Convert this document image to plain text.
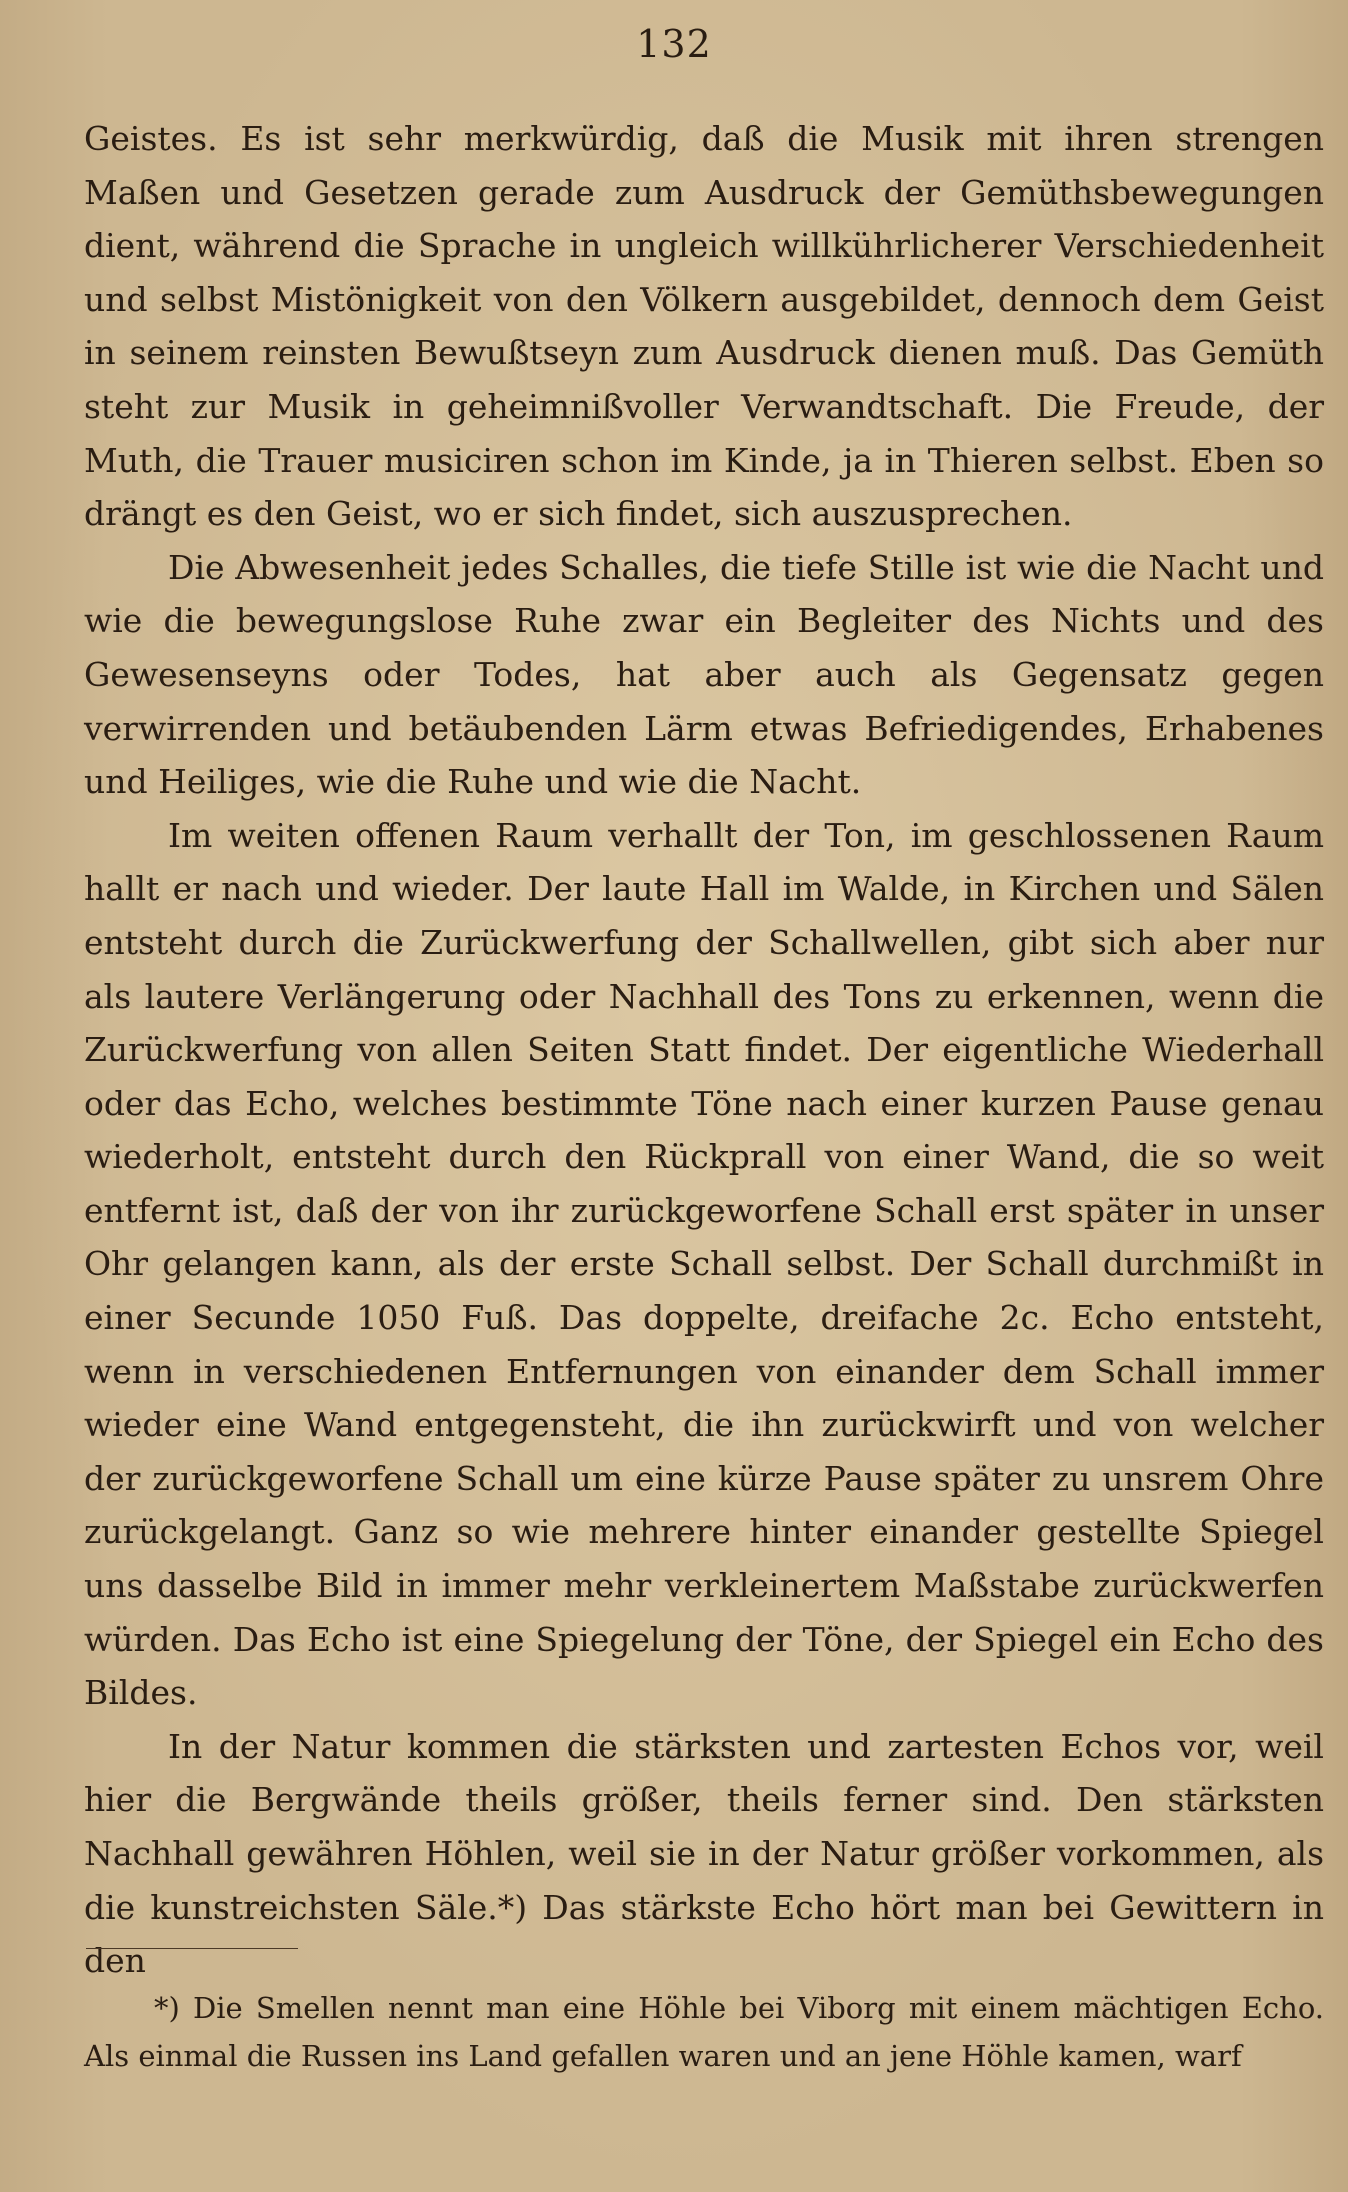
132

Geistes. Es ist sehr merkwürdig, daß die Musik mit ihren strengen Maßen und Gesetzen gerade zum Ausdruck der Gemüthsbewegungen dient, während die Sprache in ungleich willkührlicherer Verschiedenheit und selbst Mistönigkeit von den Völkern ausgebildet, dennoch dem Geist in seinem reinsten Bewußtseyn zum Ausdruck dienen muß. Das Gemüth steht zur Musik in geheimnißvoller Verwandtschaft. Die Freude, der Muth, die Trauer musiciren schon im Kinde, ja in Thieren selbst. Eben so drängt es den Geist, wo er sich findet, sich auszusprechen.

Die Abwesenheit jedes Schalles, die tiefe Stille ist wie die Nacht und wie die bewegungslose Ruhe zwar ein Begleiter des Nichts und des Gewesenseyns oder Todes, hat aber auch als Gegensatz gegen verwirrenden und betäubenden Lärm etwas Befriedigendes, Erhabenes und Heiliges, wie die Ruhe und wie die Nacht.

Im weiten offenen Raum verhallt der Ton, im geschlossenen Raum hallt er nach und wieder. Der laute Hall im Walde, in Kirchen und Sälen entsteht durch die Zurückwerfung der Schallwellen, gibt sich aber nur als lautere Verlängerung oder Nachhall des Tons zu erkennen, wenn die Zurückwerfung von allen Seiten Statt findet. Der eigentliche Wiederhall oder das Echo, welches bestimmte Töne nach einer kurzen Pause genau wiederholt, entsteht durch den Rückprall von einer Wand, die so weit entfernt ist, daß der von ihr zurückgeworfene Schall erst später in unser Ohr gelangen kann, als der erste Schall selbst. Der Schall durchmißt in einer Secunde 1050 Fuß. Das doppelte, dreifache 2c. Echo entsteht, wenn in verschiedenen Entfernungen von einander dem Schall immer wieder eine Wand entgegensteht, die ihn zurückwirft und von welcher der zurückgeworfene Schall um eine kürze Pause später zu unsrem Ohre zurückgelangt. Ganz so wie mehrere hinter einander gestellte Spiegel uns dasselbe Bild in immer mehr verkleinertem Maßstabe zurückwerfen würden. Das Echo ist eine Spiegelung der Töne, der Spiegel ein Echo des Bildes.

In der Natur kommen die stärksten und zartesten Echos vor, weil hier die Bergwände theils größer, theils ferner sind. Den stärksten Nachhall gewähren Höhlen, weil sie in der Natur größer vorkommen, als die kunstreichsten Säle.*) Das stärkste Echo hört man bei Gewittern in den

*) Die Smellen nennt man eine Höhle bei Viborg mit einem mächtigen Echo. Als einmal die Russen ins Land gefallen waren und an jene Höhle kamen, warf
